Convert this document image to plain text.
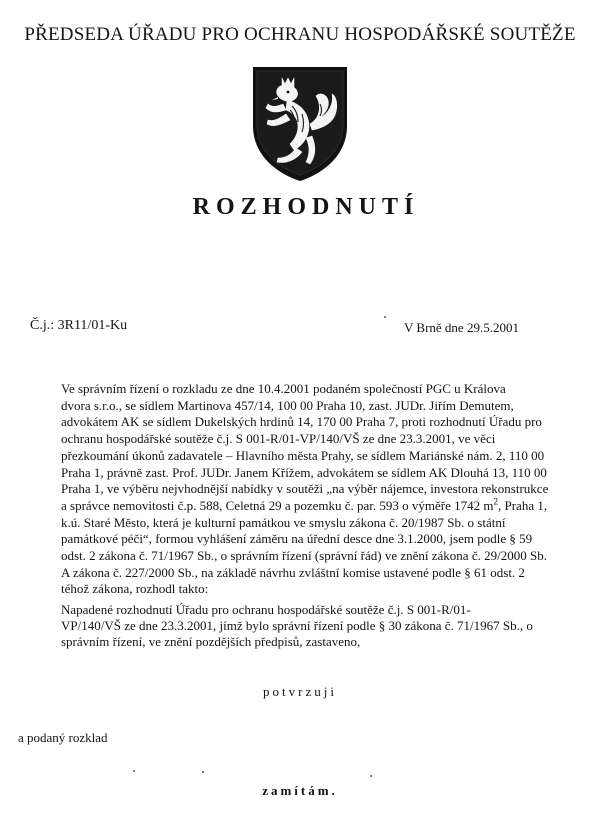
PŘEDSEDA ÚŘADU PRO OCHRANU HOSPODÁŘSKÉ SOUTĚŽE
ROZHODNUTÍ
Č.j.: 3R11/01-Ku	V Brně dne 29.5.2001
Ve správním řízení o rozkladu ze dne 10.4.2001 podaném společností PGC u Králova
dvora s.r.o., se sídlem Martinova 457/14, 100 00 Praha 10, zast. JUDr. Jiřím Demutem,
advokátem AK se sídlem Dukelských hrdinů 14, 170 00 Praha 7, proti rozhodnutí Úřadu pro
ochranu hospodářské soutěže č.j. S 001-R/01-VP/140/VŠ ze dne 23.3.2001, ve věci
přezkoumání úkonů zadavatele – Hlavního města Prahy, se sídlem Mariánské nám. 2, 110 00
Praha 1, právně zast. Prof. JUDr. Janem Křížem, advokátem se sídlem AK Dlouhá 13, 110 00
Praha 1, ve výběru nejvhodnější nabídky v soutěži „na výběr nájemce, investora rekonstrukce
a správce nemovitosti č.p. 588, Celetná 29 a pozemku č. par. 593 o výměře 1742 $m^2$, Praha 1,
k.ú. Staré Město, která je kulturní památkou ve smyslu zákona č. 20/1987 Sb. o státní
památkové péči“, formou vyhlášení záměru na úřední desce dne 3.1.2000, jsem podle § 59
odst. 2 zákona č. 71/1967 Sb., o správním řízení (správní řád) ve znění zákona č. 29/2000 Sb.
A zákona č. 227/2000 Sb., na základě návrhu zvláštní komise ustavené podle § 61 odst. 2
téhož zákona, rozhodl takto:
Napadené rozhodnutí Úřadu pro ochranu hospodářské soutěže č.j. S 001-R/01-
VP/140/VŠ ze dne 23.3.2001, jímž bylo správní řízení podle § 30 zákona č. 71/1967 Sb., o
správním řízení, ve znění pozdějších předpisů, zastaveno,
potvrzuji
a podaný rozklad
zamítám.
